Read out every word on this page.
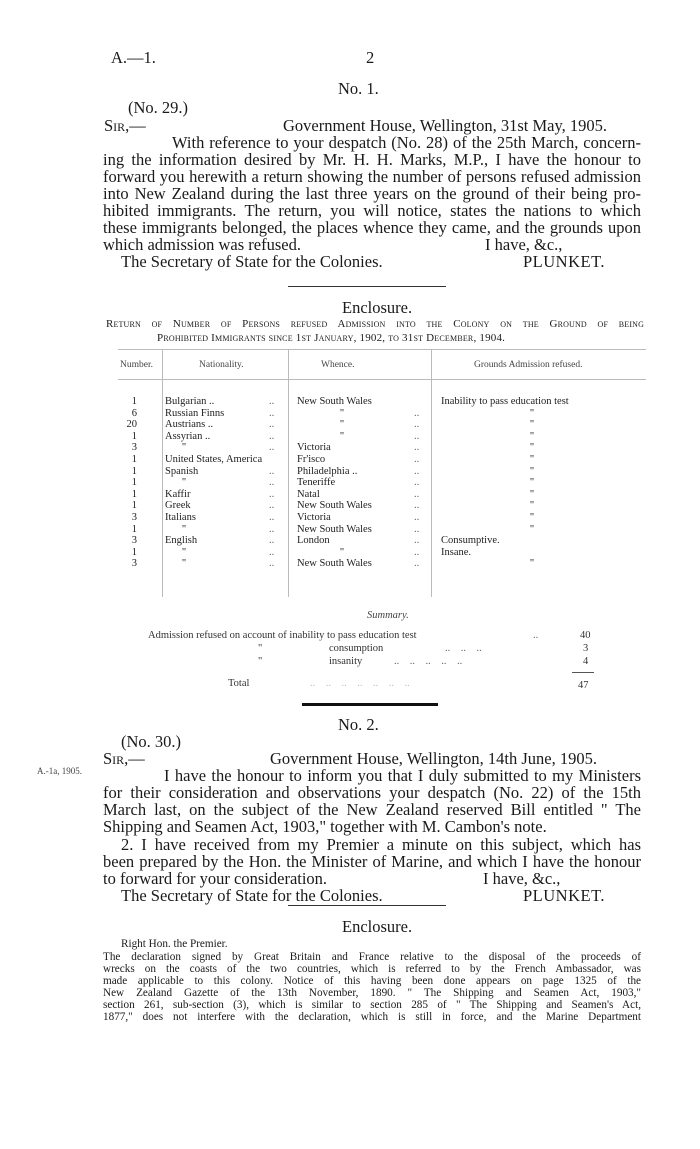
A.—1.	2
No. 1.
(No. 29.)
Sir,—	Government House, Wellington, 31st May, 1905.
With reference to your despatch (No. 28) of the 25th March, concern-
ing the information desired by Mr. H. H. Marks, M.P., I have the honour to
forward you herewith a return showing the number of persons refused admission
into New Zealand during the last three years on the ground of their being pro-
hibited immigrants. The return, you will notice, states the nations to which
these immigrants belonged, the places whence they came, and the grounds upon
which admission was refused.	I have, &c.,
The Secretary of State for the Colonies.	PLUNKET.
Enclosure.
Return of Number of Persons refused Admission into the Colony on the Ground of being
Prohibited Immigrants since 1st January, 1902, to 31st December, 1904.
Number.	Nationality.	Whence.	Grounds Admission refused.
1	Bulgarian ..	New South Wales	Inability to pass education test
..
6	Russian Finns	"	"
..	..
20	Austrians ..	"	"
..	..
1	Assyrian ..	"	"
..	..
3	"	Victoria	"
..	..
1	United States, America	Fr'isco	"
..
1	Spanish	Philadelphia ..	"
..	..
1	"	Teneriffe	"
..	..
1	Kaffir	Natal	"
..	..
1	Greek	New South Wales	"
..	..
3	Italians	Victoria	"
..	..
1	"	New South Wales	"
..	..
3	English	London	Consumptive.
..	..
1	"	"	Insane.
..	..
3	"	New South Wales	"
..	..
Summary.
Admission refused on account of inability to pass education test	..	40
"	consumption	..    ..    ..	3
"	insanity	..    ..    ..    ..    ..	4
Total	..    ..    ..    ..    ..    ..    ..	47
No. 2.
(No. 30.)
A.-1a, 1905.
Sir,—	Government House, Wellington, 14th June, 1905.
I have the honour to inform you that I duly submitted to my Ministers
for their consideration and observations your despatch (No. 22) of the 15th
March last, on the subject of the New Zealand reserved Bill entitled " The
Shipping and Seamen Act, 1903," together with M. Cambon's note.
2. I have received from my Premier a minute on this subject, which has
been prepared by the Hon. the Minister of Marine, and which I have the honour
to forward for your consideration.	I have, &c.,
The Secretary of State for the Colonies.	PLUNKET.
Enclosure.
Right Hon. the Premier.

The declaration signed by Great Britain and France relative to the disposal of the proceeds of

wrecks on the coasts of the two countries, which is referred to by the French Ambassador, was

made applicable to this colony. Notice of this having been done appears on page 1325 of the

New Zealand Gazette of the 13th November, 1890. " The Shipping and Seamen Act, 1903,"

section 261, sub-section (3), which is similar to section 285 of " The Shipping and Seamen's Act,

1877," does not interfere with the declaration, which is still in force, and the Marine Department
